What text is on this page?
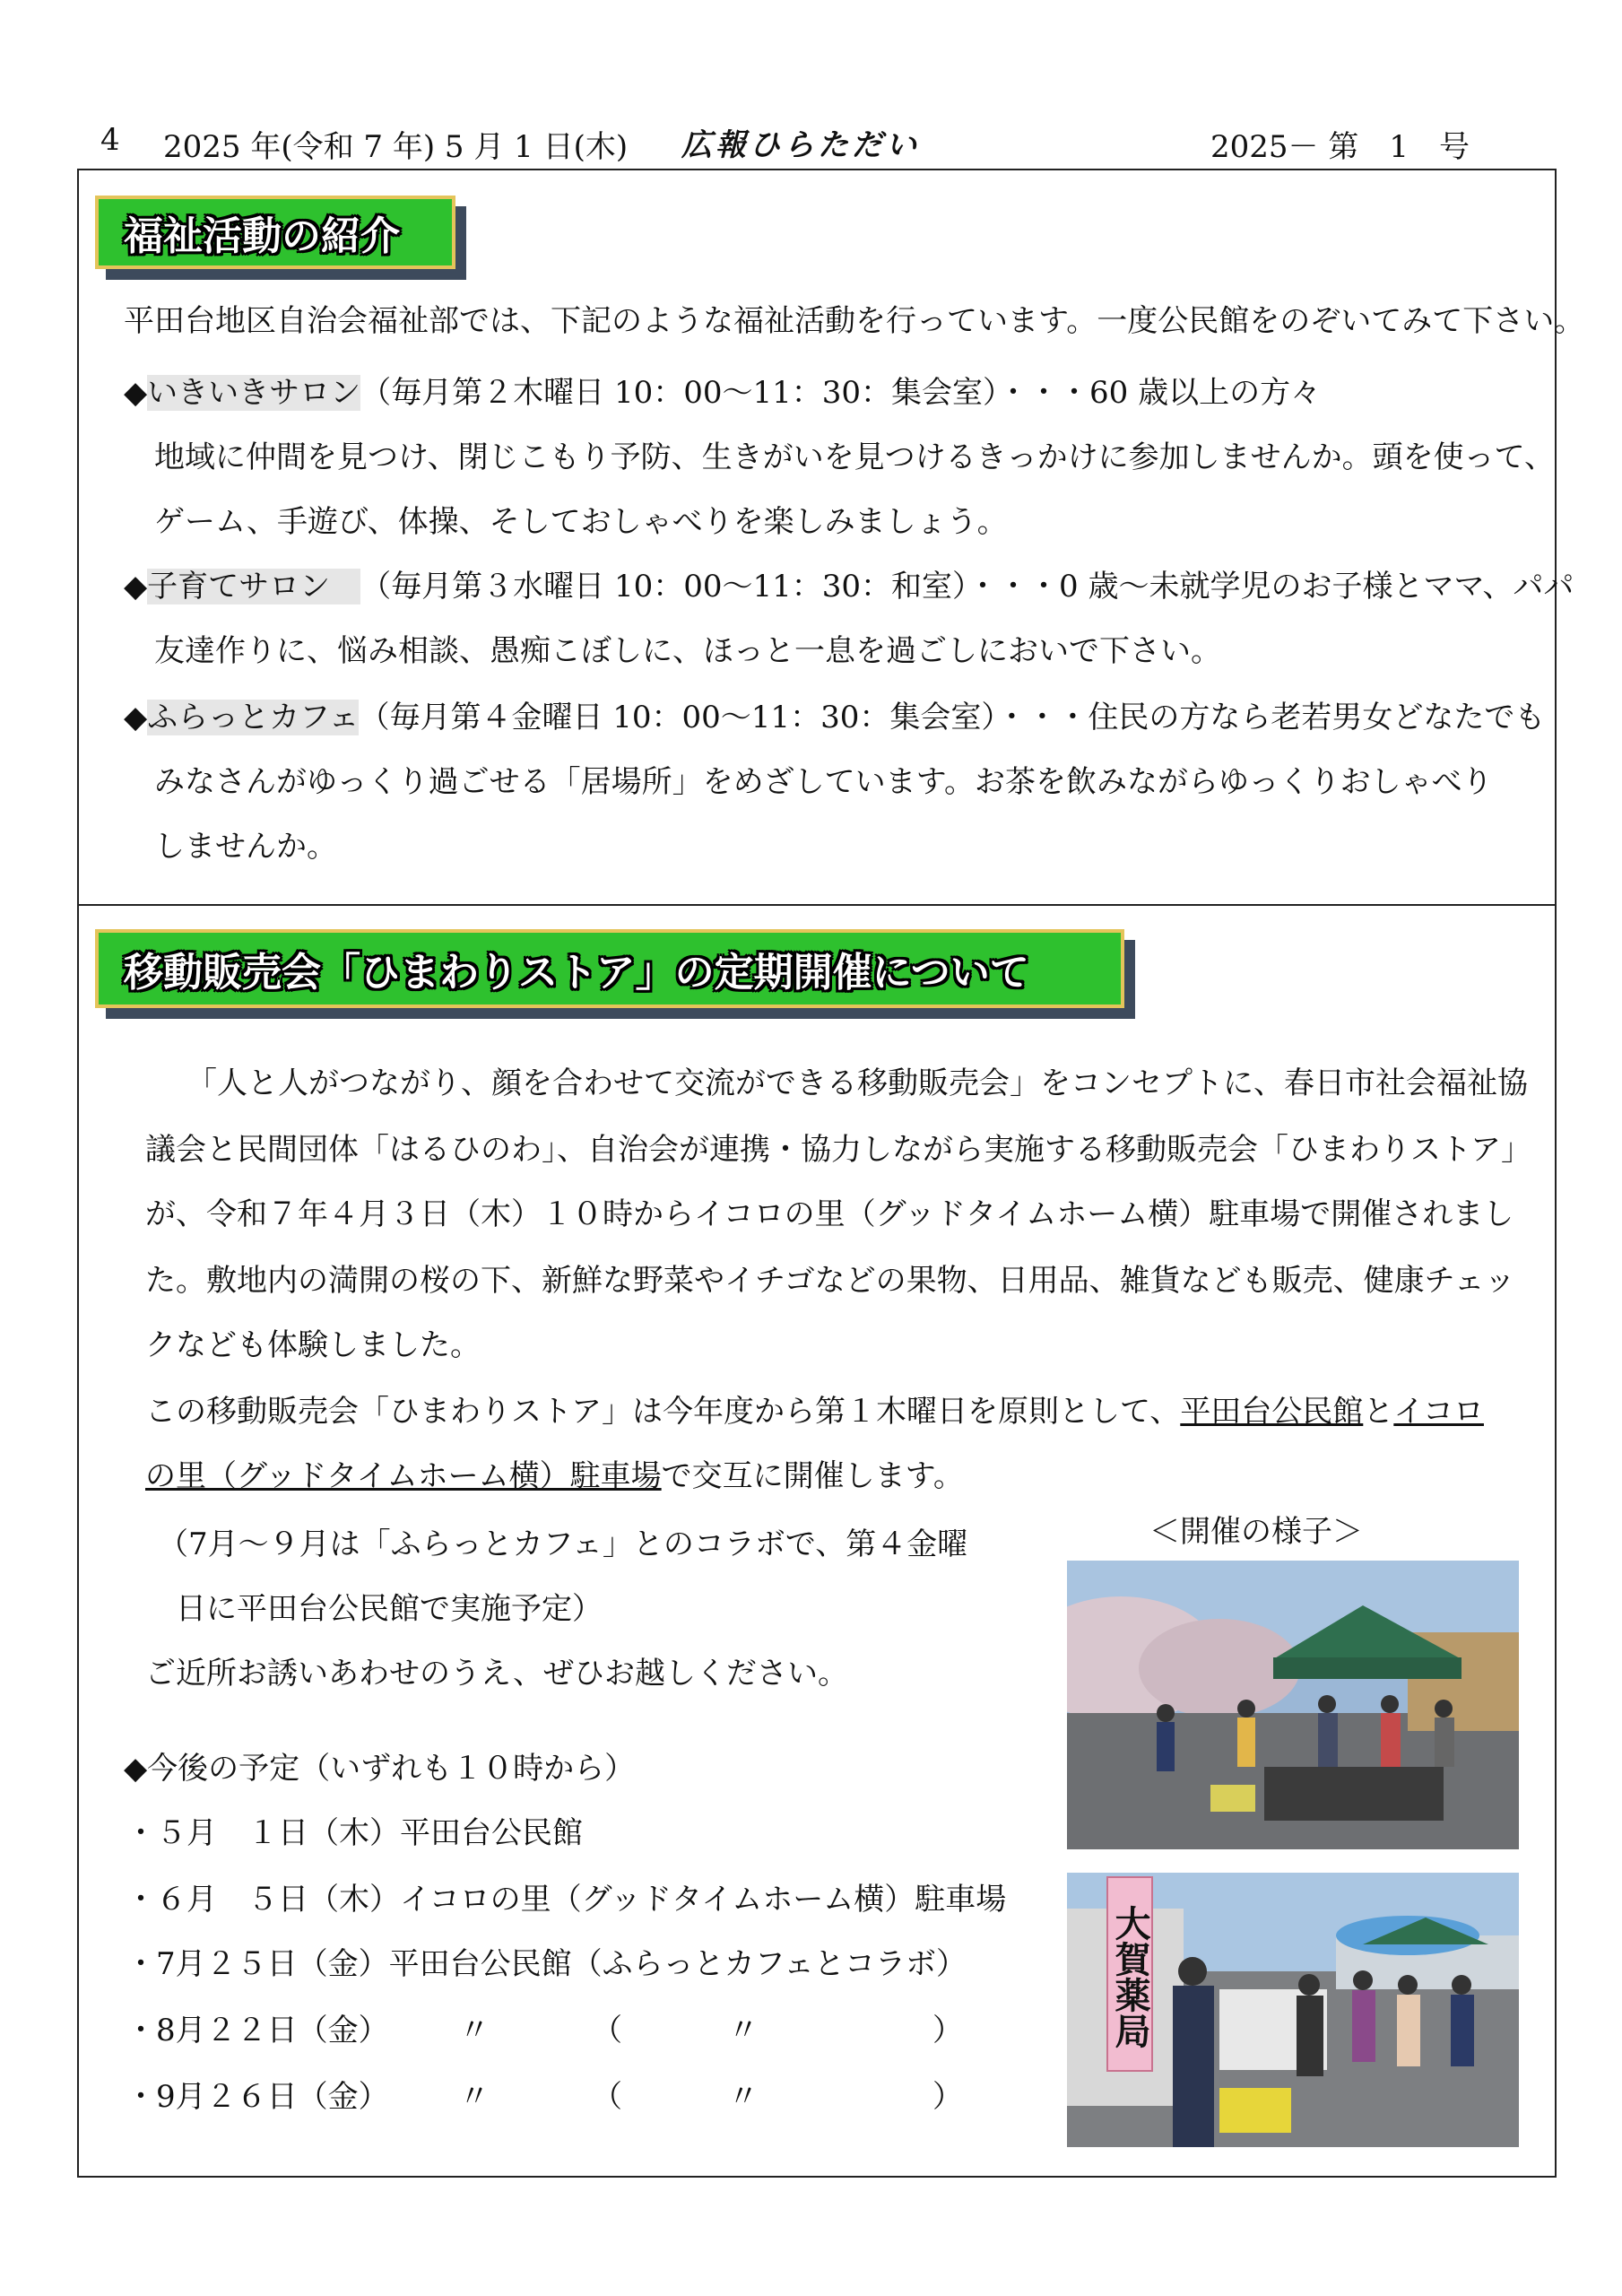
4 2025 年(令和 7 年) 5 月 1 日(木) 広報ひらただい	2025－ 第　1　号
福祉活動の紹介
平田台地区自治会福祉部では、下記のような福祉活動を行っています。一度公民館をのぞいてみて下さい。
◆いきいきサロン（毎月第２木曜日 10：00～11：30：集会室）・・・60 歳以上の方々
地域に仲間を見つけ、閉じこもり予防、生きがいを見つけるきっかけに参加しませんか。頭を使って、
ゲーム、手遊び、体操、そしておしゃべりを楽しみましょう。
◆子育てサロン （毎月第３水曜日 10：00～11：30：和室）・・・0 歳～未就学児のお子様とママ、パパ
友達作りに、悩み相談、愚痴こぼしに、ほっと一息を過ごしにおいで下さい。
◆ふらっとカフェ（毎月第４金曜日 10：00～11：30：集会室）・・・住民の方なら老若男女どなたでも
みなさんがゆっくり過ごせる「居場所」をめざしています。お茶を飲みながらゆっくりおしゃべり
しませんか。
移動販売会「ひまわりストア」の定期開催について
「人と人がつながり、顔を合わせて交流ができる移動販売会」をコンセプトに、春日市社会福祉協
議会と民間団体「はるひのわ」、自治会が連携・協力しながら実施する移動販売会「ひまわりストア」
が、令和７年４月３日（木）１０時からイコロの里（グッドタイムホーム横）駐車場で開催されまし
た。敷地内の満開の桜の下、新鮮な野菜やイチゴなどの果物、日用品、雑貨なども販売、健康チェッ
クなども体験しました。
この移動販売会「ひまわりストア」は今年度から第１木曜日を原則として、平田台公民館とイコロ
の里（グッドタイムホーム横）駐車場で交互に開催します。
（7月～９月は「ふらっとカフェ」とのコラボで、第４金曜
日に平田台公民館で実施予定）
ご近所お誘いあわせのうえ、ぜひお越しください。
＜開催の様子＞
大賀薬局
◆今後の予定（いずれも１０時から）
・５月　１日（木）平田台公民館
・６月　５日（木）イコロの里（グッドタイムホーム横）駐車場
・7月２５日（金）平田台公民館（ふらっとカフェとコラボ）
・8月２２日（金） 〃	（	〃	）
・9月２６日（金） 〃	（	〃	）
